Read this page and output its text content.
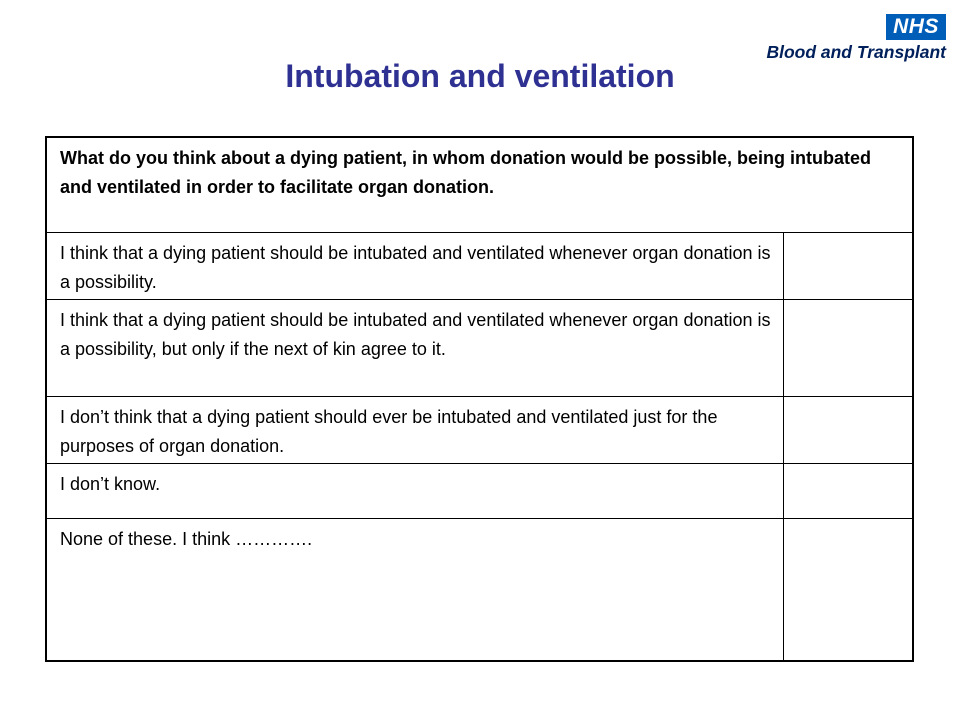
NHS
Blood and Transplant
Intubation and ventilation
What do you think about a dying patient, in whom donation would be possible, being intubated and ventilated in order to facilitate organ donation.	
I think that a dying patient should be intubated and ventilated whenever organ donation is a possibility.	
I think that a dying patient should be intubated and ventilated whenever organ donation is a possibility, but only if the next of kin agree to it.	
I don’t think that a dying patient should ever be intubated and ventilated just for the purposes of organ donation.	
I don’t know.	
None of these. I think ………….	
